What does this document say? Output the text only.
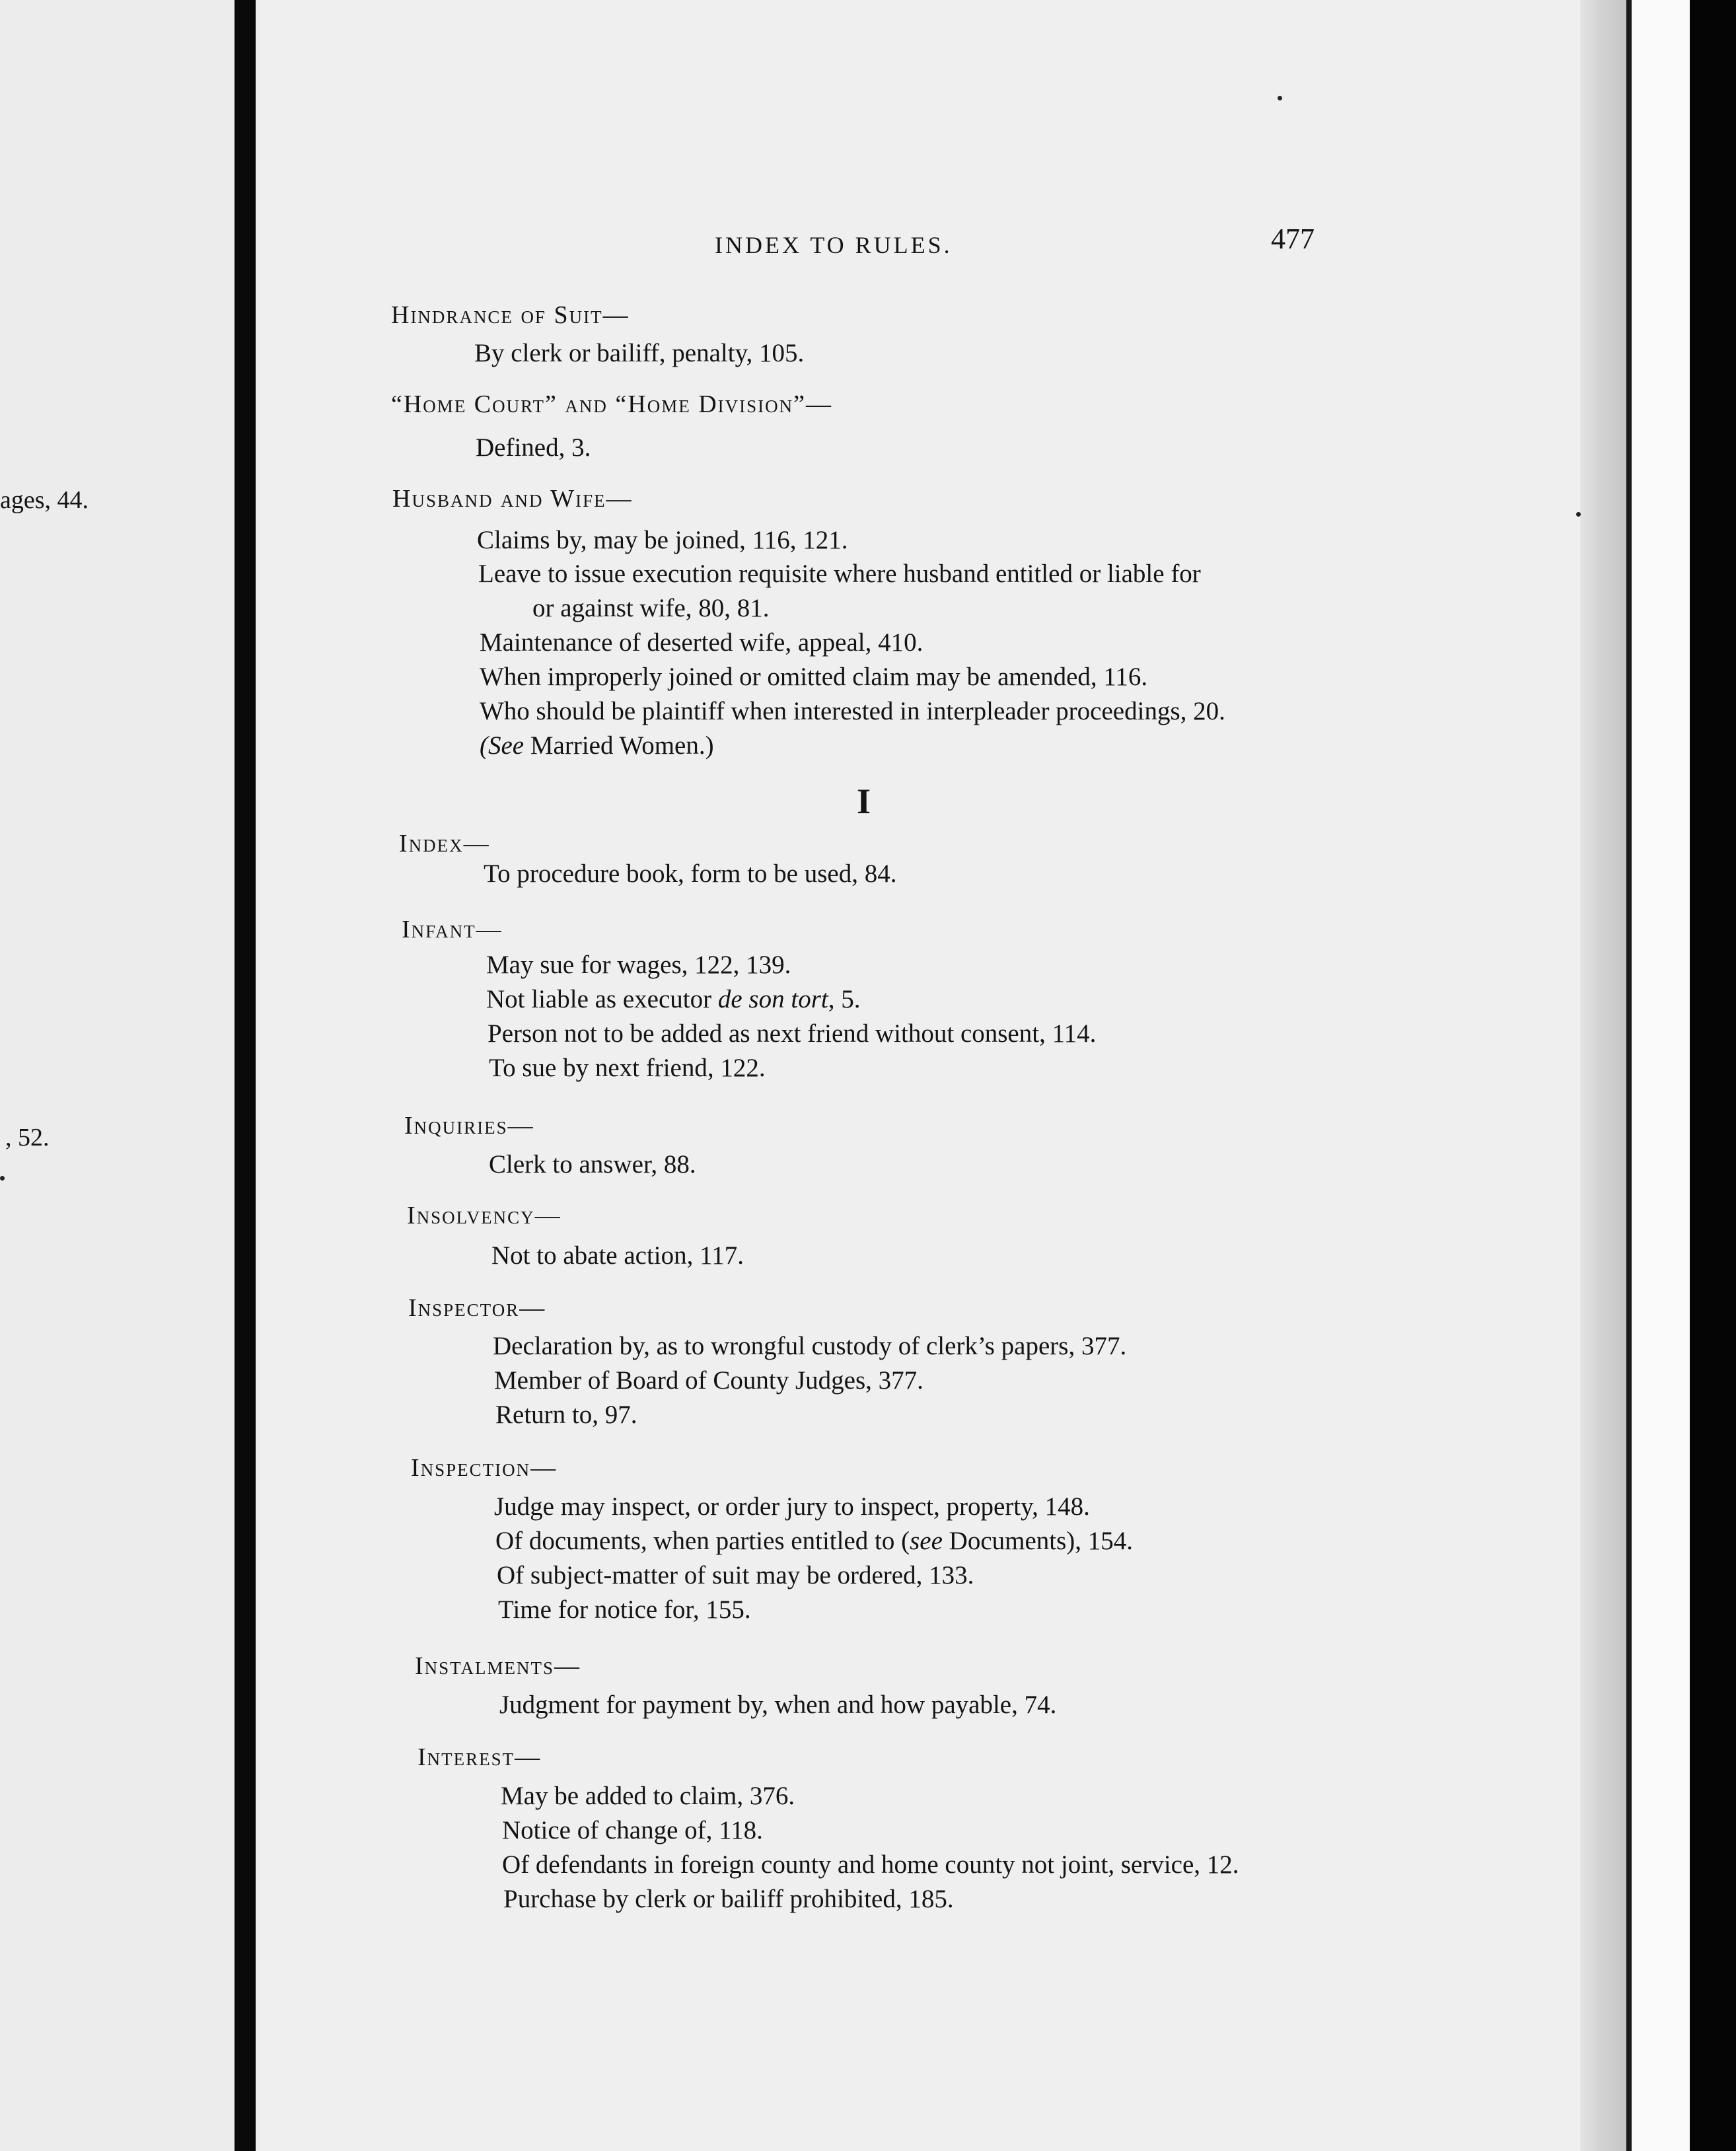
ages, 44.
, 52.
INDEX TO RULES.	477
Hindrance of Suit—
By clerk or bailiff, penalty, 105.
“Home Court” and “Home Division”—
Defined, 3.
Husband and Wife—
Claims by, may be joined, 116, 121.
Leave to issue execution requisite where husband entitled or liable for
or against wife, 80, 81.
Maintenance of deserted wife, appeal, 410.
When improperly joined or omitted claim may be amended, 116.
Who should be plaintiff when interested in interpleader proceedings, 20.
(See Married Women.)
I
Index—
To procedure book, form to be used, 84.
Infant—
May sue for wages, 122, 139.
Not liable as executor de son tort, 5.
Person not to be added as next friend without consent, 114.
To sue by next friend, 122.
Inquiries—
Clerk to answer, 88.
Insolvency—
Not to abate action, 117.
Inspector—
Declaration by, as to wrongful custody of clerk’s papers, 377.
Member of Board of County Judges, 377.
Return to, 97.
Inspection—
Judge may inspect, or order jury to inspect, property, 148.
Of documents, when parties entitled to (see Documents), 154.
Of subject-matter of suit may be ordered, 133.
Time for notice for, 155.
Instalments—
Judgment for payment by, when and how payable, 74.
Interest—
May be added to claim, 376.
Notice of change of, 118.
Of defendants in foreign county and home county not joint, service, 12.
Purchase by clerk or bailiff prohibited, 185.
